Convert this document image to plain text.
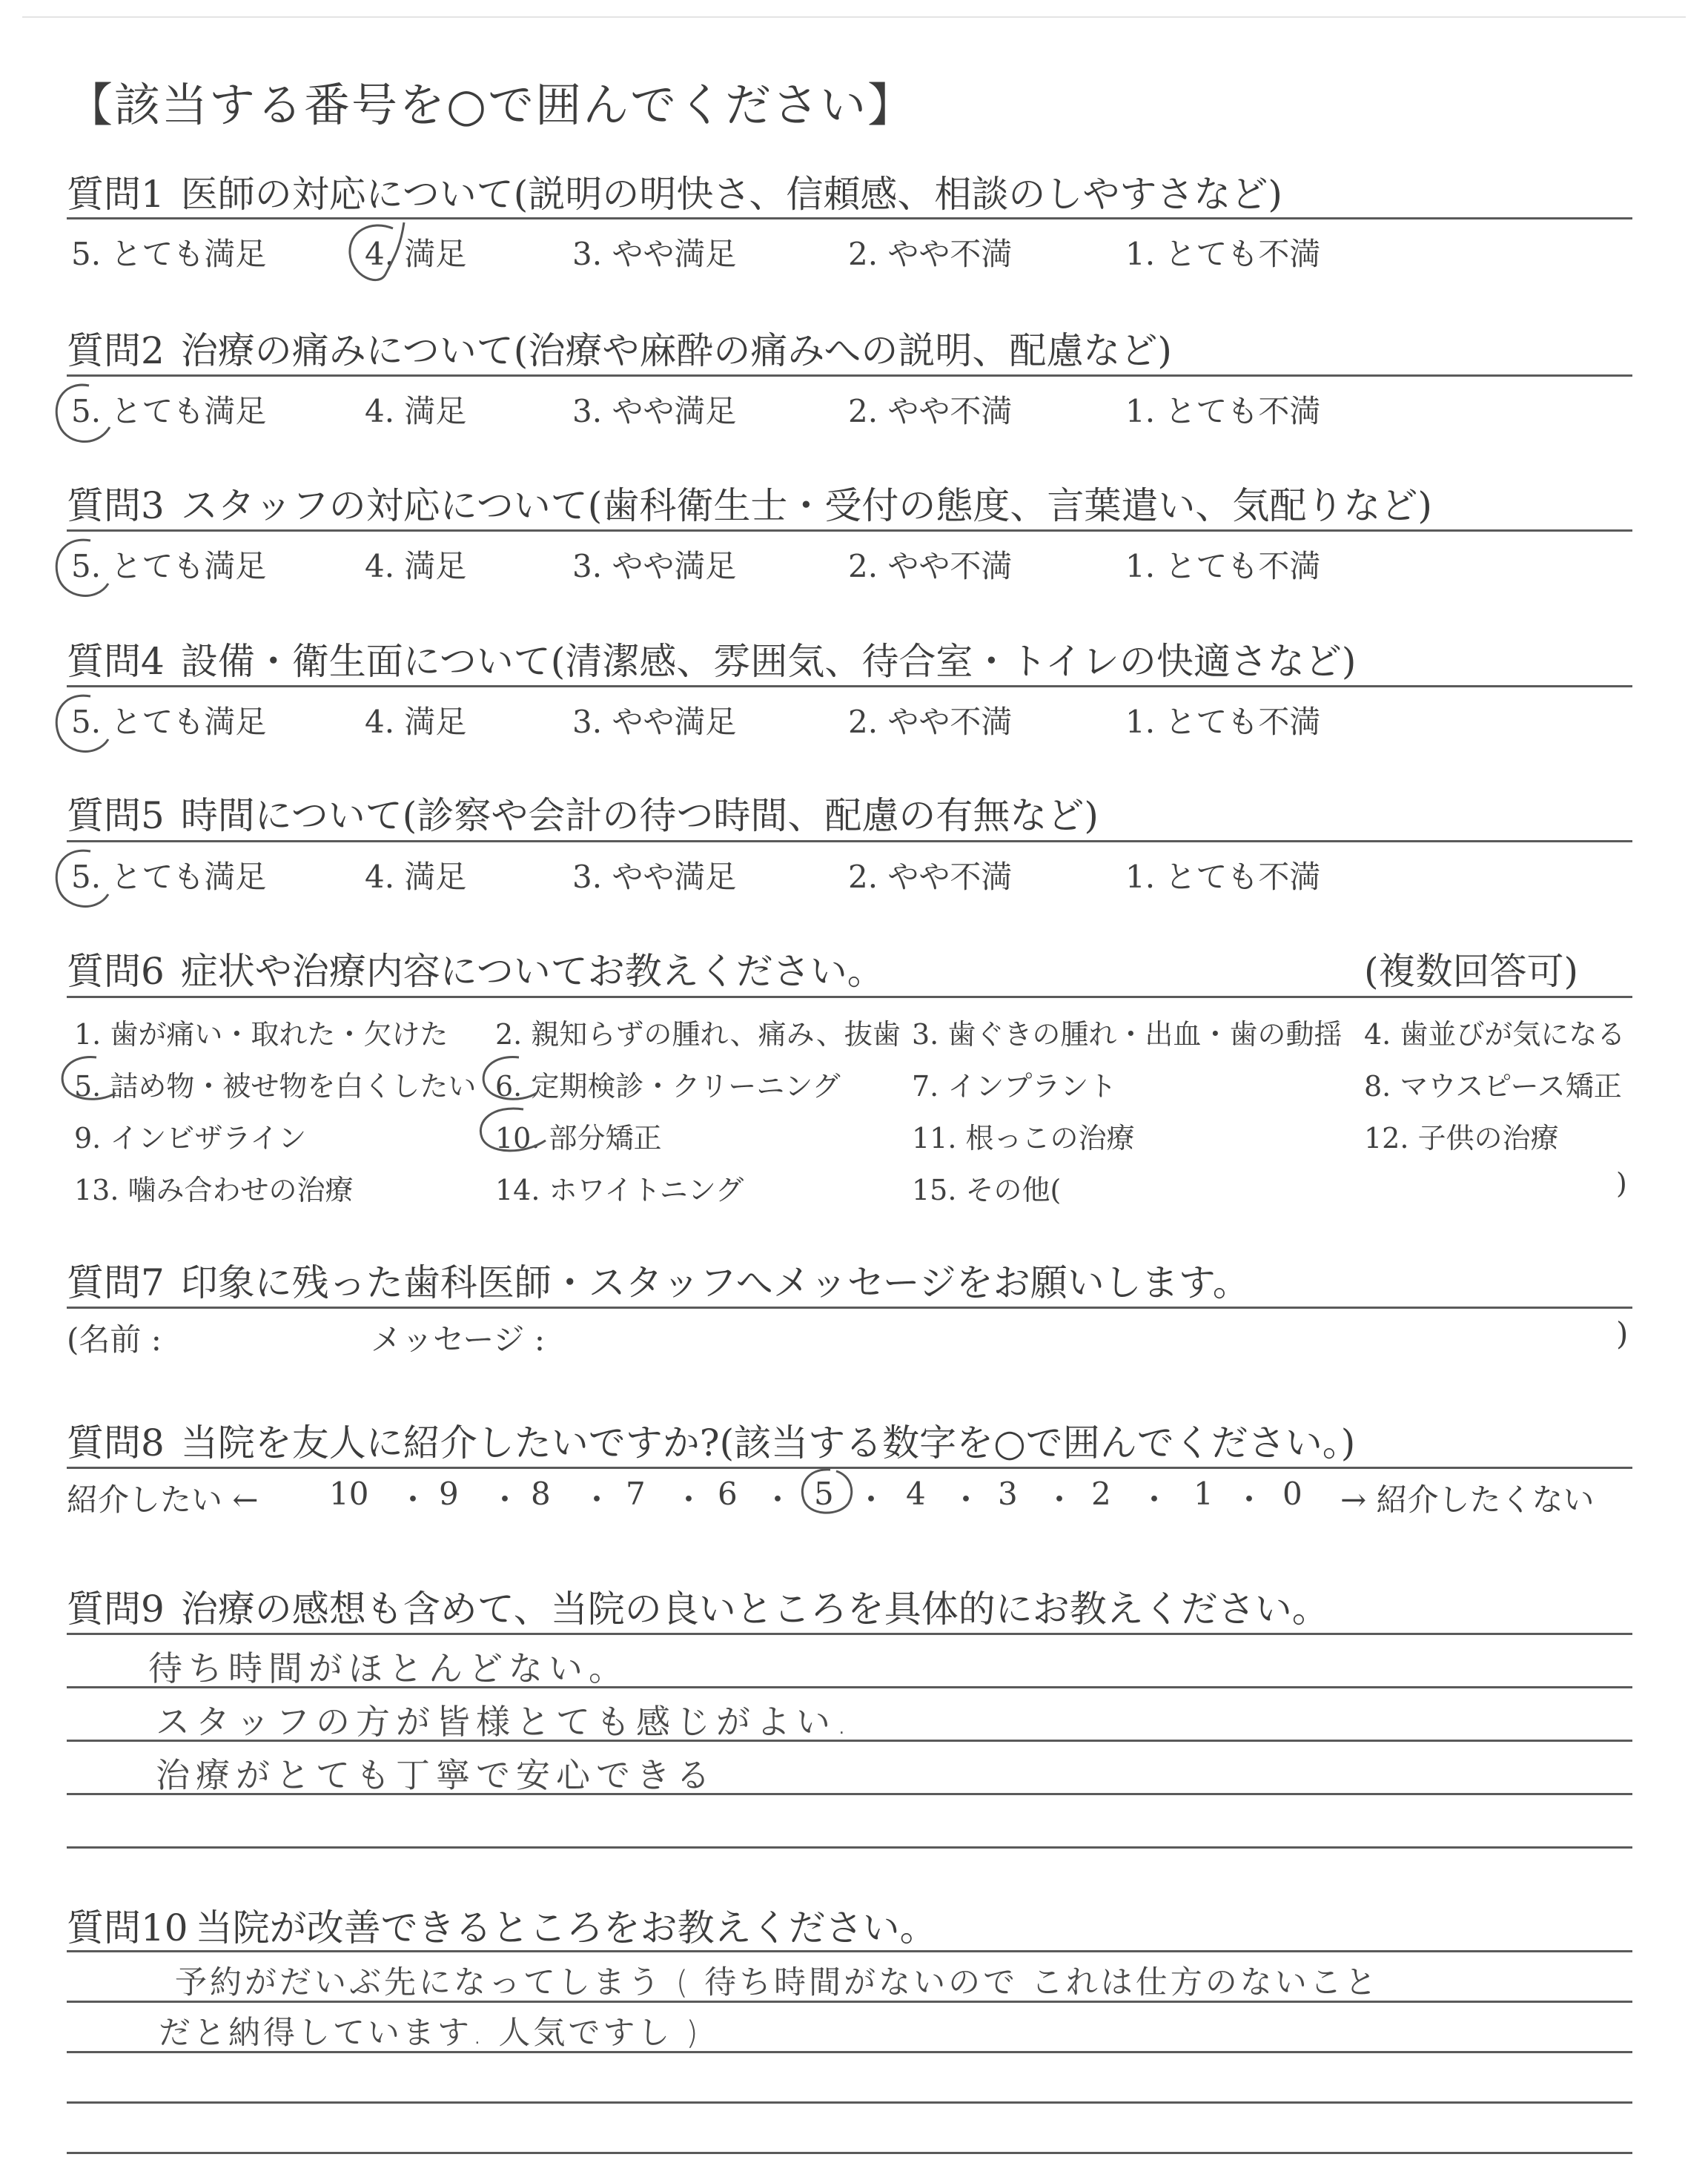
【該当する番号を○で囲んでください】
質問1 医師の対応について(説明の明快さ、信頼感、相談のしやすさなど)
5. とても満足	4. 満足	3. やや満足	2. やや不満	1. とても不満
質問2 治療の痛みについて(治療や麻酔の痛みへの説明、配慮など)
5. とても満足	4. 満足	3. やや満足	2. やや不満	1. とても不満
質問3 スタッフの対応について(歯科衛生士・受付の態度、言葉遣い、気配りなど)
5. とても満足	4. 満足	3. やや満足	2. やや不満	1. とても不満
質問4 設備・衛生面について(清潔感、雰囲気、待合室・トイレの快適さなど)
5. とても満足	4. 満足	3. やや満足	2. やや不満	1. とても不満
質問5 時間について(診察や会計の待つ時間、配慮の有無など)
5. とても満足	4. 満足	3. やや満足	2. やや不満	1. とても不満
質問6 症状や治療内容についてお教えください。	(複数回答可)
1. 歯が痛い・取れた・欠けた 2. 親知らずの腫れ、痛み、抜歯 3. 歯ぐきの腫れ・出血・歯の動揺 4. 歯並びが気になる
5. 詰め物・被せ物を白くしたい 6. 定期検診・クリーニング	7. インプラント	8. マウスピース矯正
9. インビザライン	10. 部分矯正	11. 根っこの治療	12. 子供の治療
13. 噛み合わせの治療	14. ホワイトニング	15. その他(	)
質問7 印象に残った歯科医師・スタッフへメッセージをお願いします。
(名前 :	メッセージ :	)
質問8 当院を友人に紹介したいですか?(該当する数字を○で囲んでください。)
紹介したい ← 10 ・ 9 ・ 8 ・ 7 ・ 6 ・ 5 ・ 4 ・ 3 ・ 2 ・ 1 ・ 0 → 紹介したくない
質問9 治療の感想も含めて、当院の良いところを具体的にお教えください。
待ち時間がほとんどない。
スタッフの方が皆様とても感じがよい.
治療がとても丁寧で安心できる
質問10 当院が改善できるところをお教えください。
予約がだいぶ先になってしまう ( 待ち時間がないので これは仕方のないこと
だと納得しています. 人気ですし )
